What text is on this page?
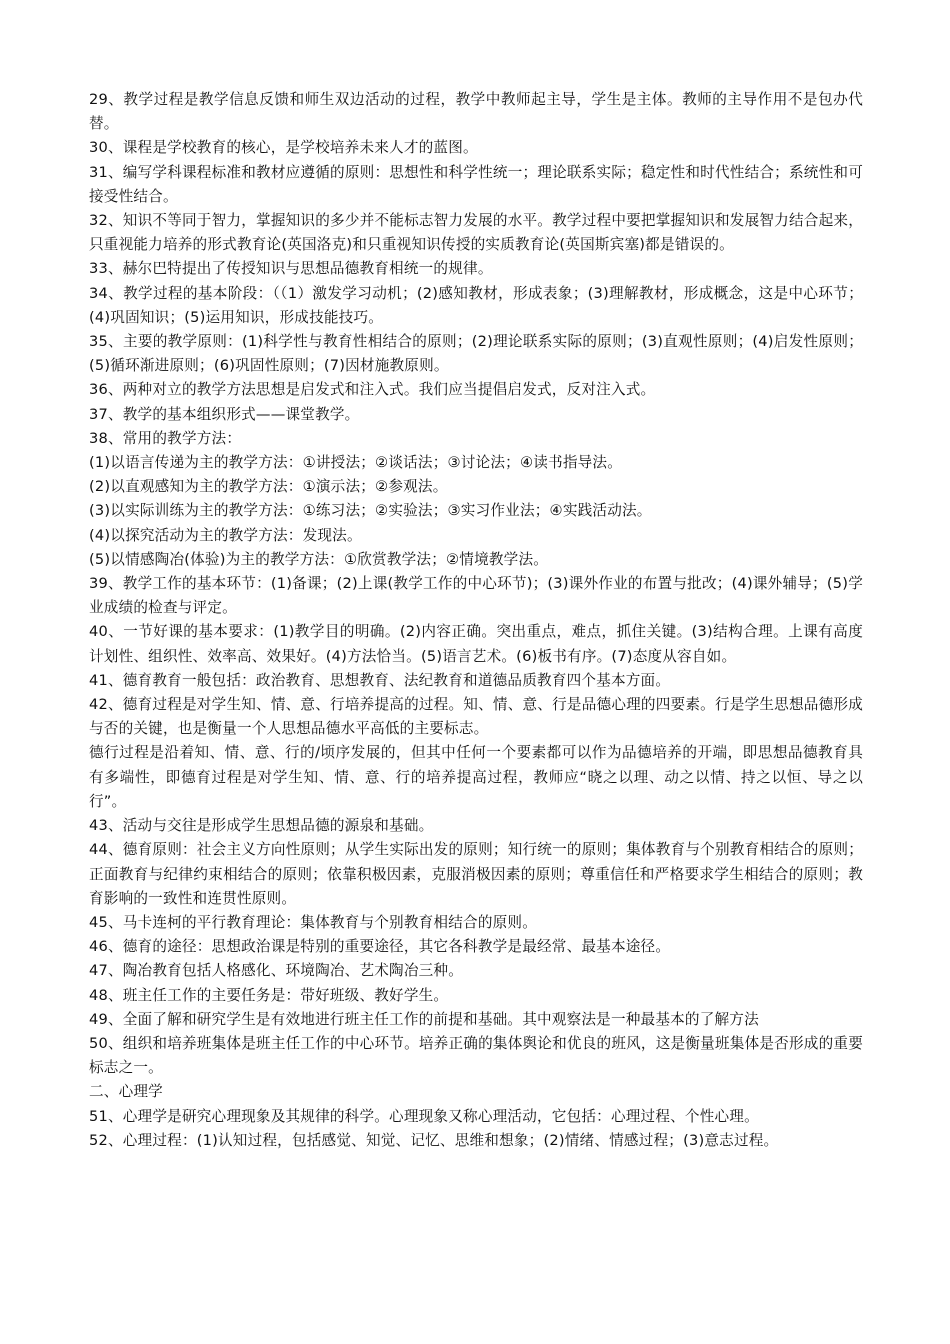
29、教学过程是教学信息反馈和师生双边活动的过程，教学中教师起主导，学生是主体。教师的主导作用不是包办代替。

30、课程是学校教育的核心，是学校培养未来人才的蓝图。

31、编写学科课程标准和教材应遵循的原则：思想性和科学性统一；理论联系实际；稳定性和时代性结合；系统性和可接受性结合。

32、知识不等同于智力，掌握知识的多少并不能标志智力发展的水平。教学过程中要把掌握知识和发展智力结合起来，只重视能力培养的形式教育论(英国洛克)和只重视知识传授的实质教育论(英国斯宾塞)都是错误的。

33、赫尔巴特提出了传授知识与思想品德教育相统一的规律。

34、教学过程的基本阶段：（（1）激发学习动机；(2)感知教材，形成表象；(3)理解教材，形成概念，这是中心环节；(4)巩固知识；(5)运用知识，形成技能技巧。

35、主要的教学原则：(1)科学性与教育性相结合的原则；(2)理论联系实际的原则；(3)直观性原则；(4)启发性原则；(5)循环渐进原则；(6)巩固性原则；(7)因材施教原则。

36、两种对立的教学方法思想是启发式和注入式。我们应当提倡启发式，反对注入式。

37、教学的基本组织形式——课堂教学。

38、常用的教学方法：

(1)以语言传递为主的教学方法：①讲授法；②谈话法；③讨论法；④读书指导法。

(2)以直观感知为主的教学方法：①演示法；②参观法。

(3)以实际训练为主的教学方法：①练习法；②实验法；③实习作业法；④实践活动法。

(4)以探究活动为主的教学方法：发现法。

(5)以情感陶冶(体验)为主的教学方法：①欣赏教学法；②情境教学法。

39、教学工作的基本环节：(1)备课；(2)上课(教学工作的中心环节)；(3)课外作业的布置与批改；(4)课外辅导；(5)学业成绩的检查与评定。

40、一节好课的基本要求：(1)教学目的明确。(2)内容正确。突出重点，难点，抓住关键。(3)结构合理。上课有高度计划性、组织性、效率高、效果好。(4)方法恰当。(5)语言艺术。(6)板书有序。(7)态度从容自如。

41、德育教育一般包括：政治教育、思想教育、法纪教育和道德品质教育四个基本方面。

42、德育过程是对学生知、情、意、行培养提高的过程。知、情、意、行是品德心理的四要素。行是学生思想品德形成与否的关键，也是衡量一个人思想品德水平高低的主要标志。

德行过程是沿着知、情、意、行的/顷序发展的，但其中任何一个要素都可以作为品德培养的开端，即思想品德教育具有多端性，即德育过程是对学生知、情、意、行的培养提高过程，教师应“晓之以理、动之以情、持之以恒、导之以行”。

43、活动与交往是形成学生思想品德的源泉和基础。

44、德育原则：社会主义方向性原则；从学生实际出发的原则；知行统一的原则；集体教育与个别教育相结合的原则；正面教育与纪律约束相结合的原则；依靠积极因素，克服消极因素的原则；尊重信任和严格要求学生相结合的原则；教育影响的一致性和连贯性原则。

45、马卡连柯的平行教育理论：集体教育与个别教育相结合的原则。

46、德育的途径：思想政治课是特别的重要途径，其它各科教学是最经常、最基本途径。

47、陶冶教育包括人格感化、环境陶冶、艺术陶冶三种。

48、班主任工作的主要任务是：带好班级、教好学生。

49、全面了解和研究学生是有效地进行班主任工作的前提和基础。其中观察法是一种最基本的了解方法

50、组织和培养班集体是班主任工作的中心环节。培养正确的集体舆论和优良的班风，这是衡量班集体是否形成的重要标志之一。

二、心理学

51、心理学是研究心理现象及其规律的科学。心理现象又称心理活动，它包括：心理过程、个性心理。

52、心理过程：(1)认知过程，包括感觉、知觉、记忆、思维和想象；(2)情绪、情感过程；(3)意志过程。
